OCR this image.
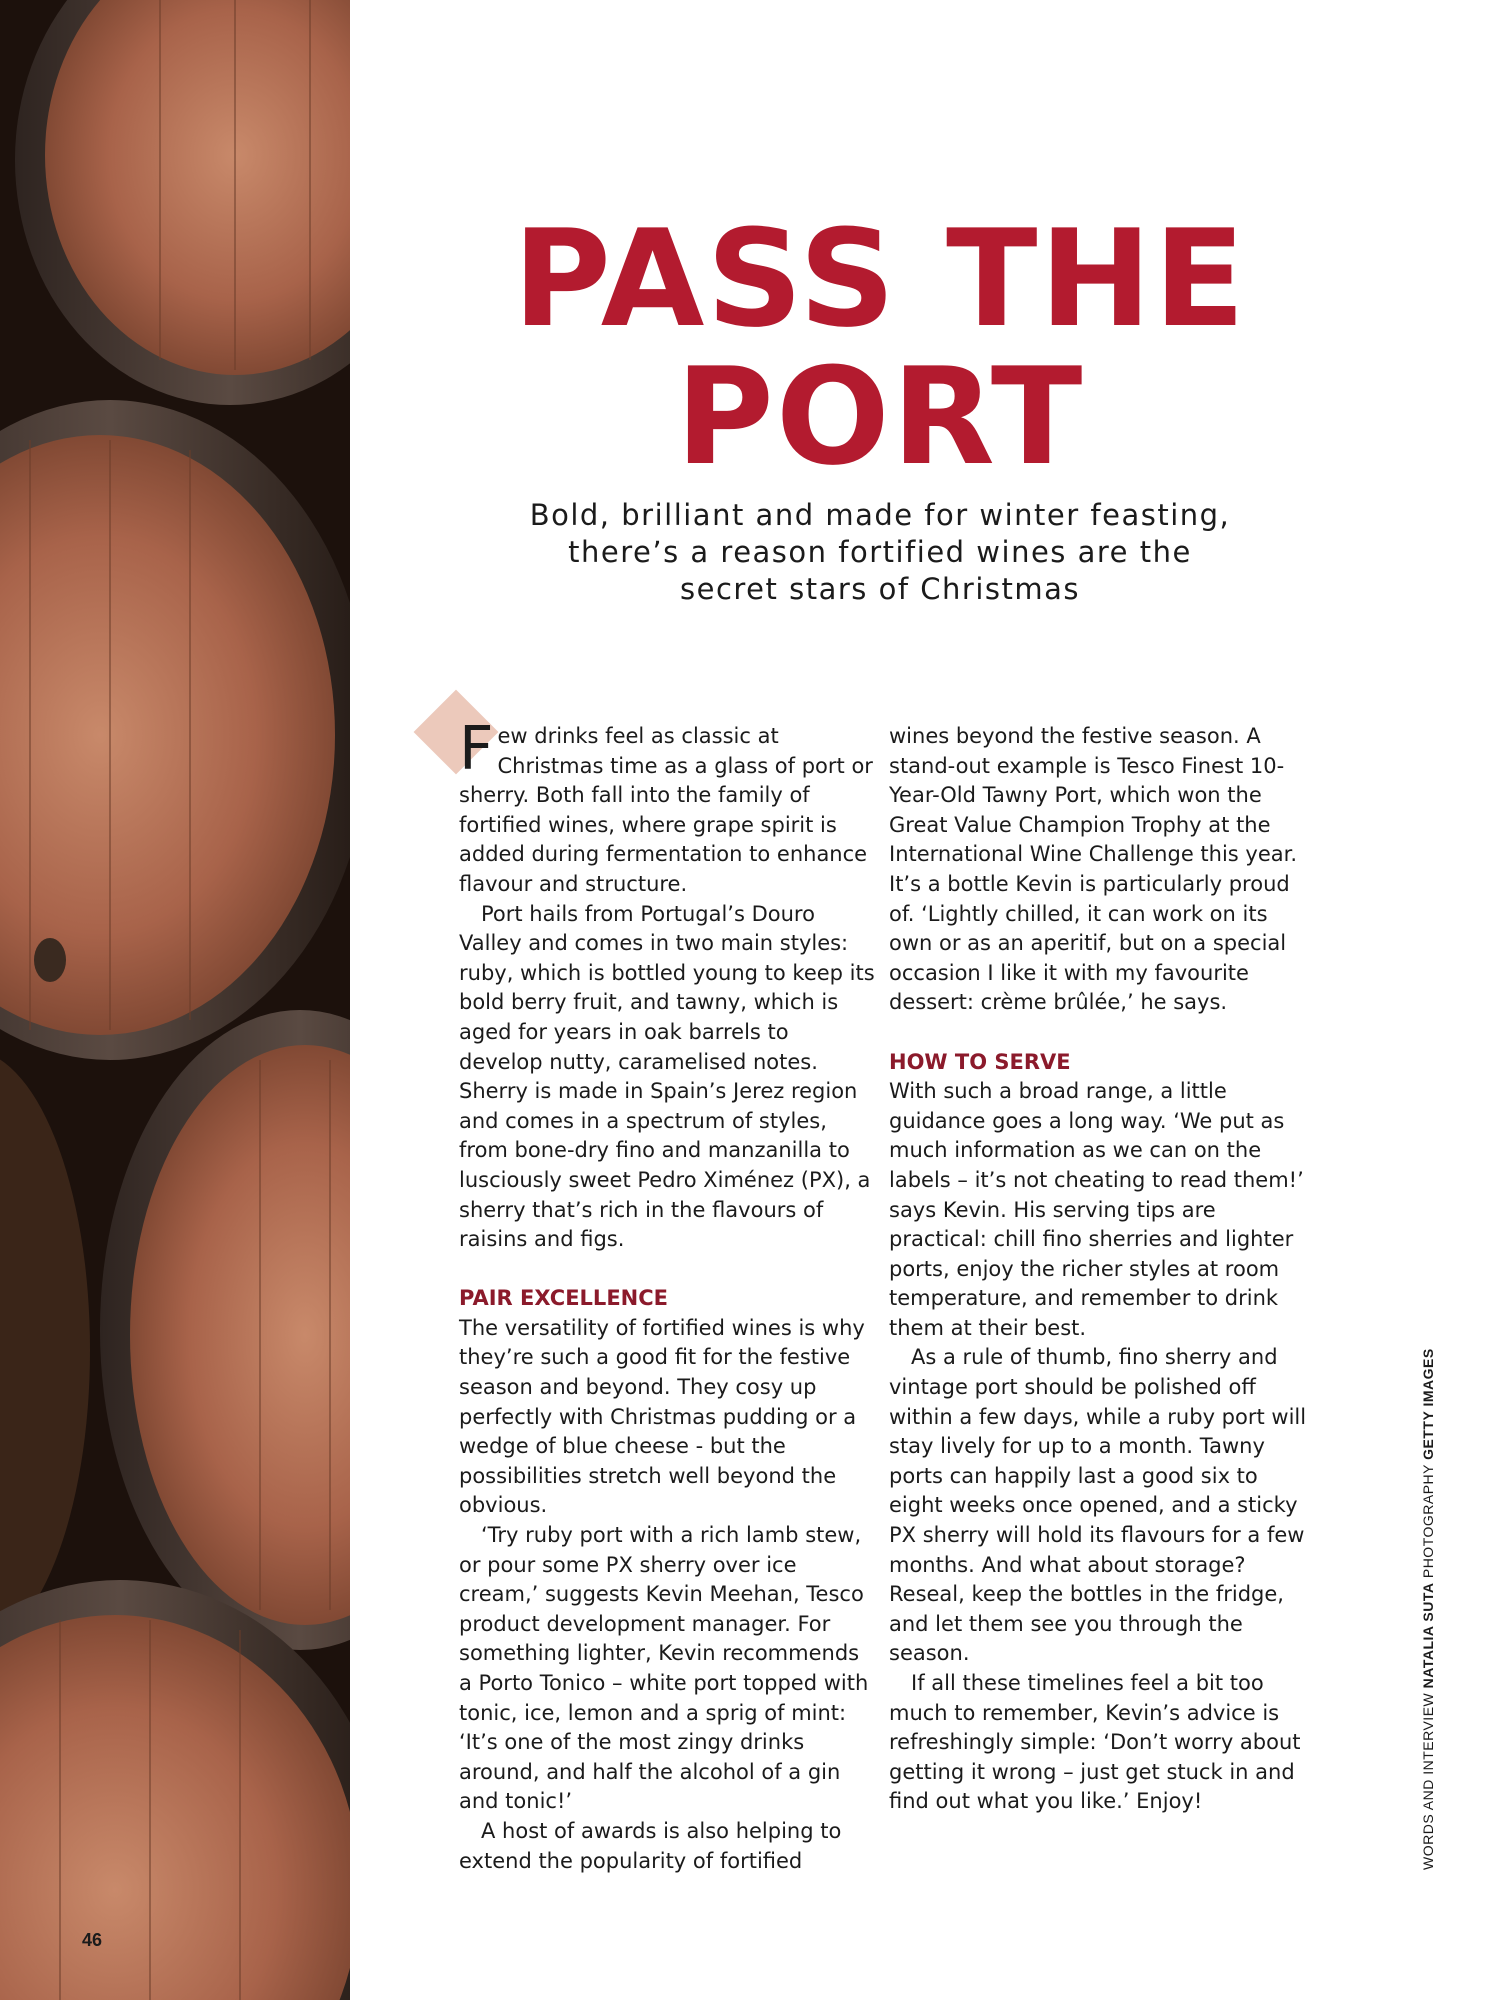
46
PASS THE
PORT

Bold, brilliant and made for winter feasting,
there’s a reason fortified wines are the
secret stars of Christmas

F ew drinks feel as classic at Christmas time as a glass of port or sherry. Both fall into the family of fortified wines, where grape spirit is added during fermentation to enhance flavour and structure.

Port hails from Portugal’s Douro Valley and comes in two main styles: ruby, which is bottled young to keep its bold berry fruit, and tawny, which is aged for years in oak barrels to develop nutty, caramelised notes. Sherry is made in Spain’s Jerez region and comes in a spectrum of styles, from bone-dry fino and manzanilla to lusciously sweet Pedro Ximénez (PX), a sherry that’s rich in the flavours of raisins and figs.

PAIR EXCELLENCE

The versatility of fortified wines is why they’re such a good fit for the festive season and beyond. They cosy up perfectly with Christmas pudding or a wedge of blue cheese - but the possibilities stretch well beyond the obvious.

‘Try ruby port with a rich lamb stew, or pour some PX sherry over ice cream,’ suggests Kevin Meehan, Tesco product development manager. For something lighter, Kevin recommends a Porto Tonico – white port topped with tonic, ice, lemon and a sprig of mint: ‘It’s one of the most zingy drinks around, and half the alcohol of a gin and tonic!’

A host of awards is also helping to extend the popularity of fortified

wines beyond the festive season. A stand-out example is Tesco Finest 10-Year-Old Tawny Port, which won the Great Value Champion Trophy at the International Wine Challenge this year. It’s a bottle Kevin is particularly proud of. ‘Lightly chilled, it can work on its own or as an aperitif, but on a special occasion I like it with my favourite dessert: crème brûlée,’ he says.

HOW TO SERVE

With such a broad range, a little guidance goes a long way. ‘We put as much information as we can on the labels – it’s not cheating to read them!’ says Kevin. His serving tips are practical: chill fino sherries and lighter ports, enjoy the richer styles at room temperature, and remember to drink them at their best.

As a rule of thumb, fino sherry and vintage port should be polished off within a few days, while a ruby port will stay lively for up to a month. Tawny ports can happily last a good six to eight weeks once opened, and a sticky PX sherry will hold its flavours for a few months. And what about storage? Reseal, keep the bottles in the fridge, and let them see you through the season.

If all these timelines feel a bit too much to remember, Kevin’s advice is refreshingly simple: ‘Don’t worry about getting it wrong – just get stuck in and find out what you like.’ Enjoy!	WORDS AND INTERVIEW NATALIA SUTA PHOTOGRAPHY GETTY IMAGES
